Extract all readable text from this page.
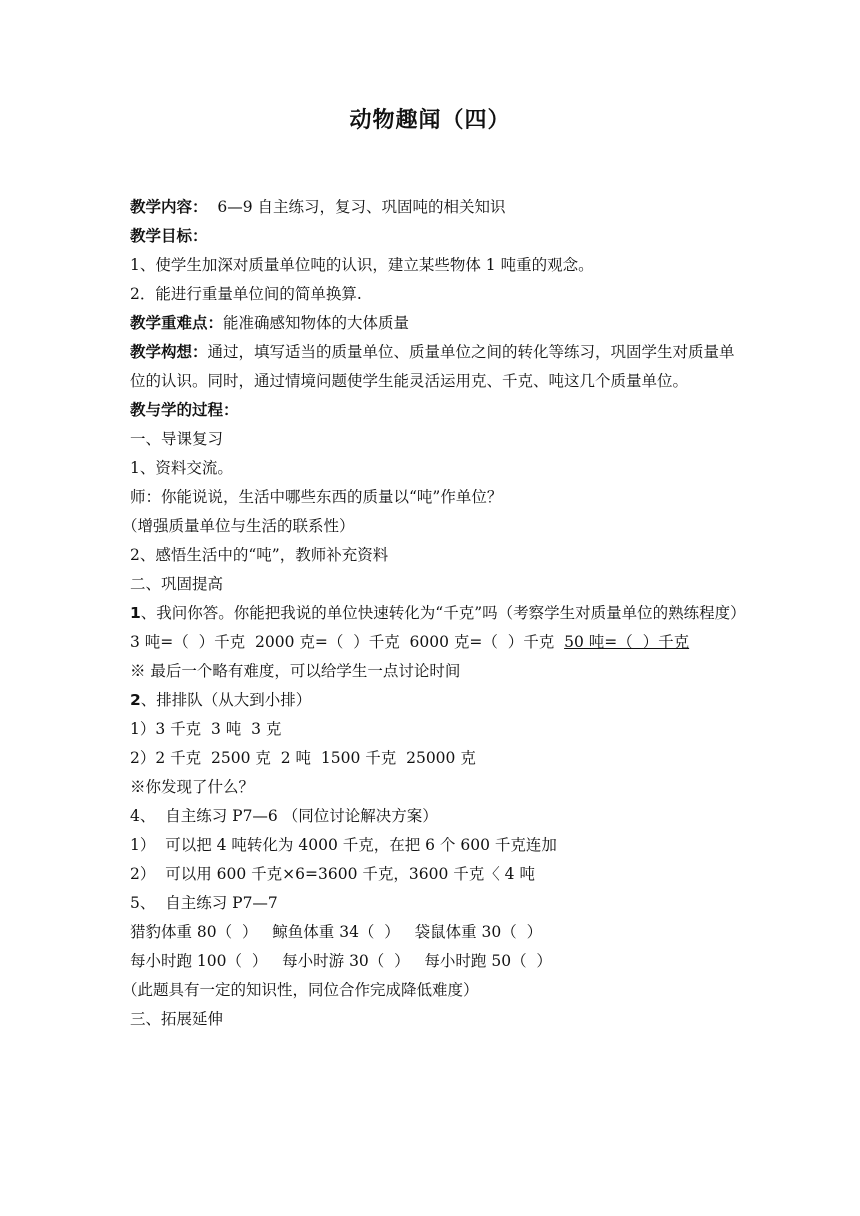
动物趣闻（四）
教学内容：  6—9 自主练习，复习、巩固吨的相关知识
教学目标：
1、使学生加深对质量单位吨的认识，建立某些物体 1 吨重的观念。
2．能进行重量单位间的简单换算.
教学重难点：能准确感知物体的大体质量
教学构想：通过，填写适当的质量单位、质量单位之间的转化等练习，巩固学生对质量单位的认识。同时，通过情境问题使学生能灵活运用克、千克、吨这几个质量单位。
教与学的过程：
一、导课复习
1、资料交流。
师：你能说说，生活中哪些东西的质量以“吨”作单位？
（增强质量单位与生活的联系性）
2、感悟生活中的“吨”，教师补充资料
二、巩固提高
1、我问你答。你能把我说的单位快速转化为“千克”吗（考察学生对质量单位的熟练程度）
3 吨=（  ）千克  2000 克=（  ）千克  6000 克=（  ）千克  50 吨=（  ）千克
※ 最后一个略有难度，可以给学生一点讨论时间
2、排排队（从大到小排）
1）3 千克  3 吨  3 克
2）2 千克  2500 克  2 吨  1500 千克  25000 克
※你发现了什么？
4、  自主练习 P7—6 （同位讨论解决方案）
1）  可以把 4 吨转化为 4000 千克，在把 6 个 600 千克连加
2）  可以用 600 千克×6=3600 千克，3600 千克〈 4 吨
5、  自主练习 P7—7
猎豹体重 80（  ）   鲸鱼体重 34（  ）   袋鼠体重 30（  ）
每小时跑 100（  ）   每小时游 30（  ）   每小时跑 50（  ）
（此题具有一定的知识性，同位合作完成降低难度）
三、拓展延伸
